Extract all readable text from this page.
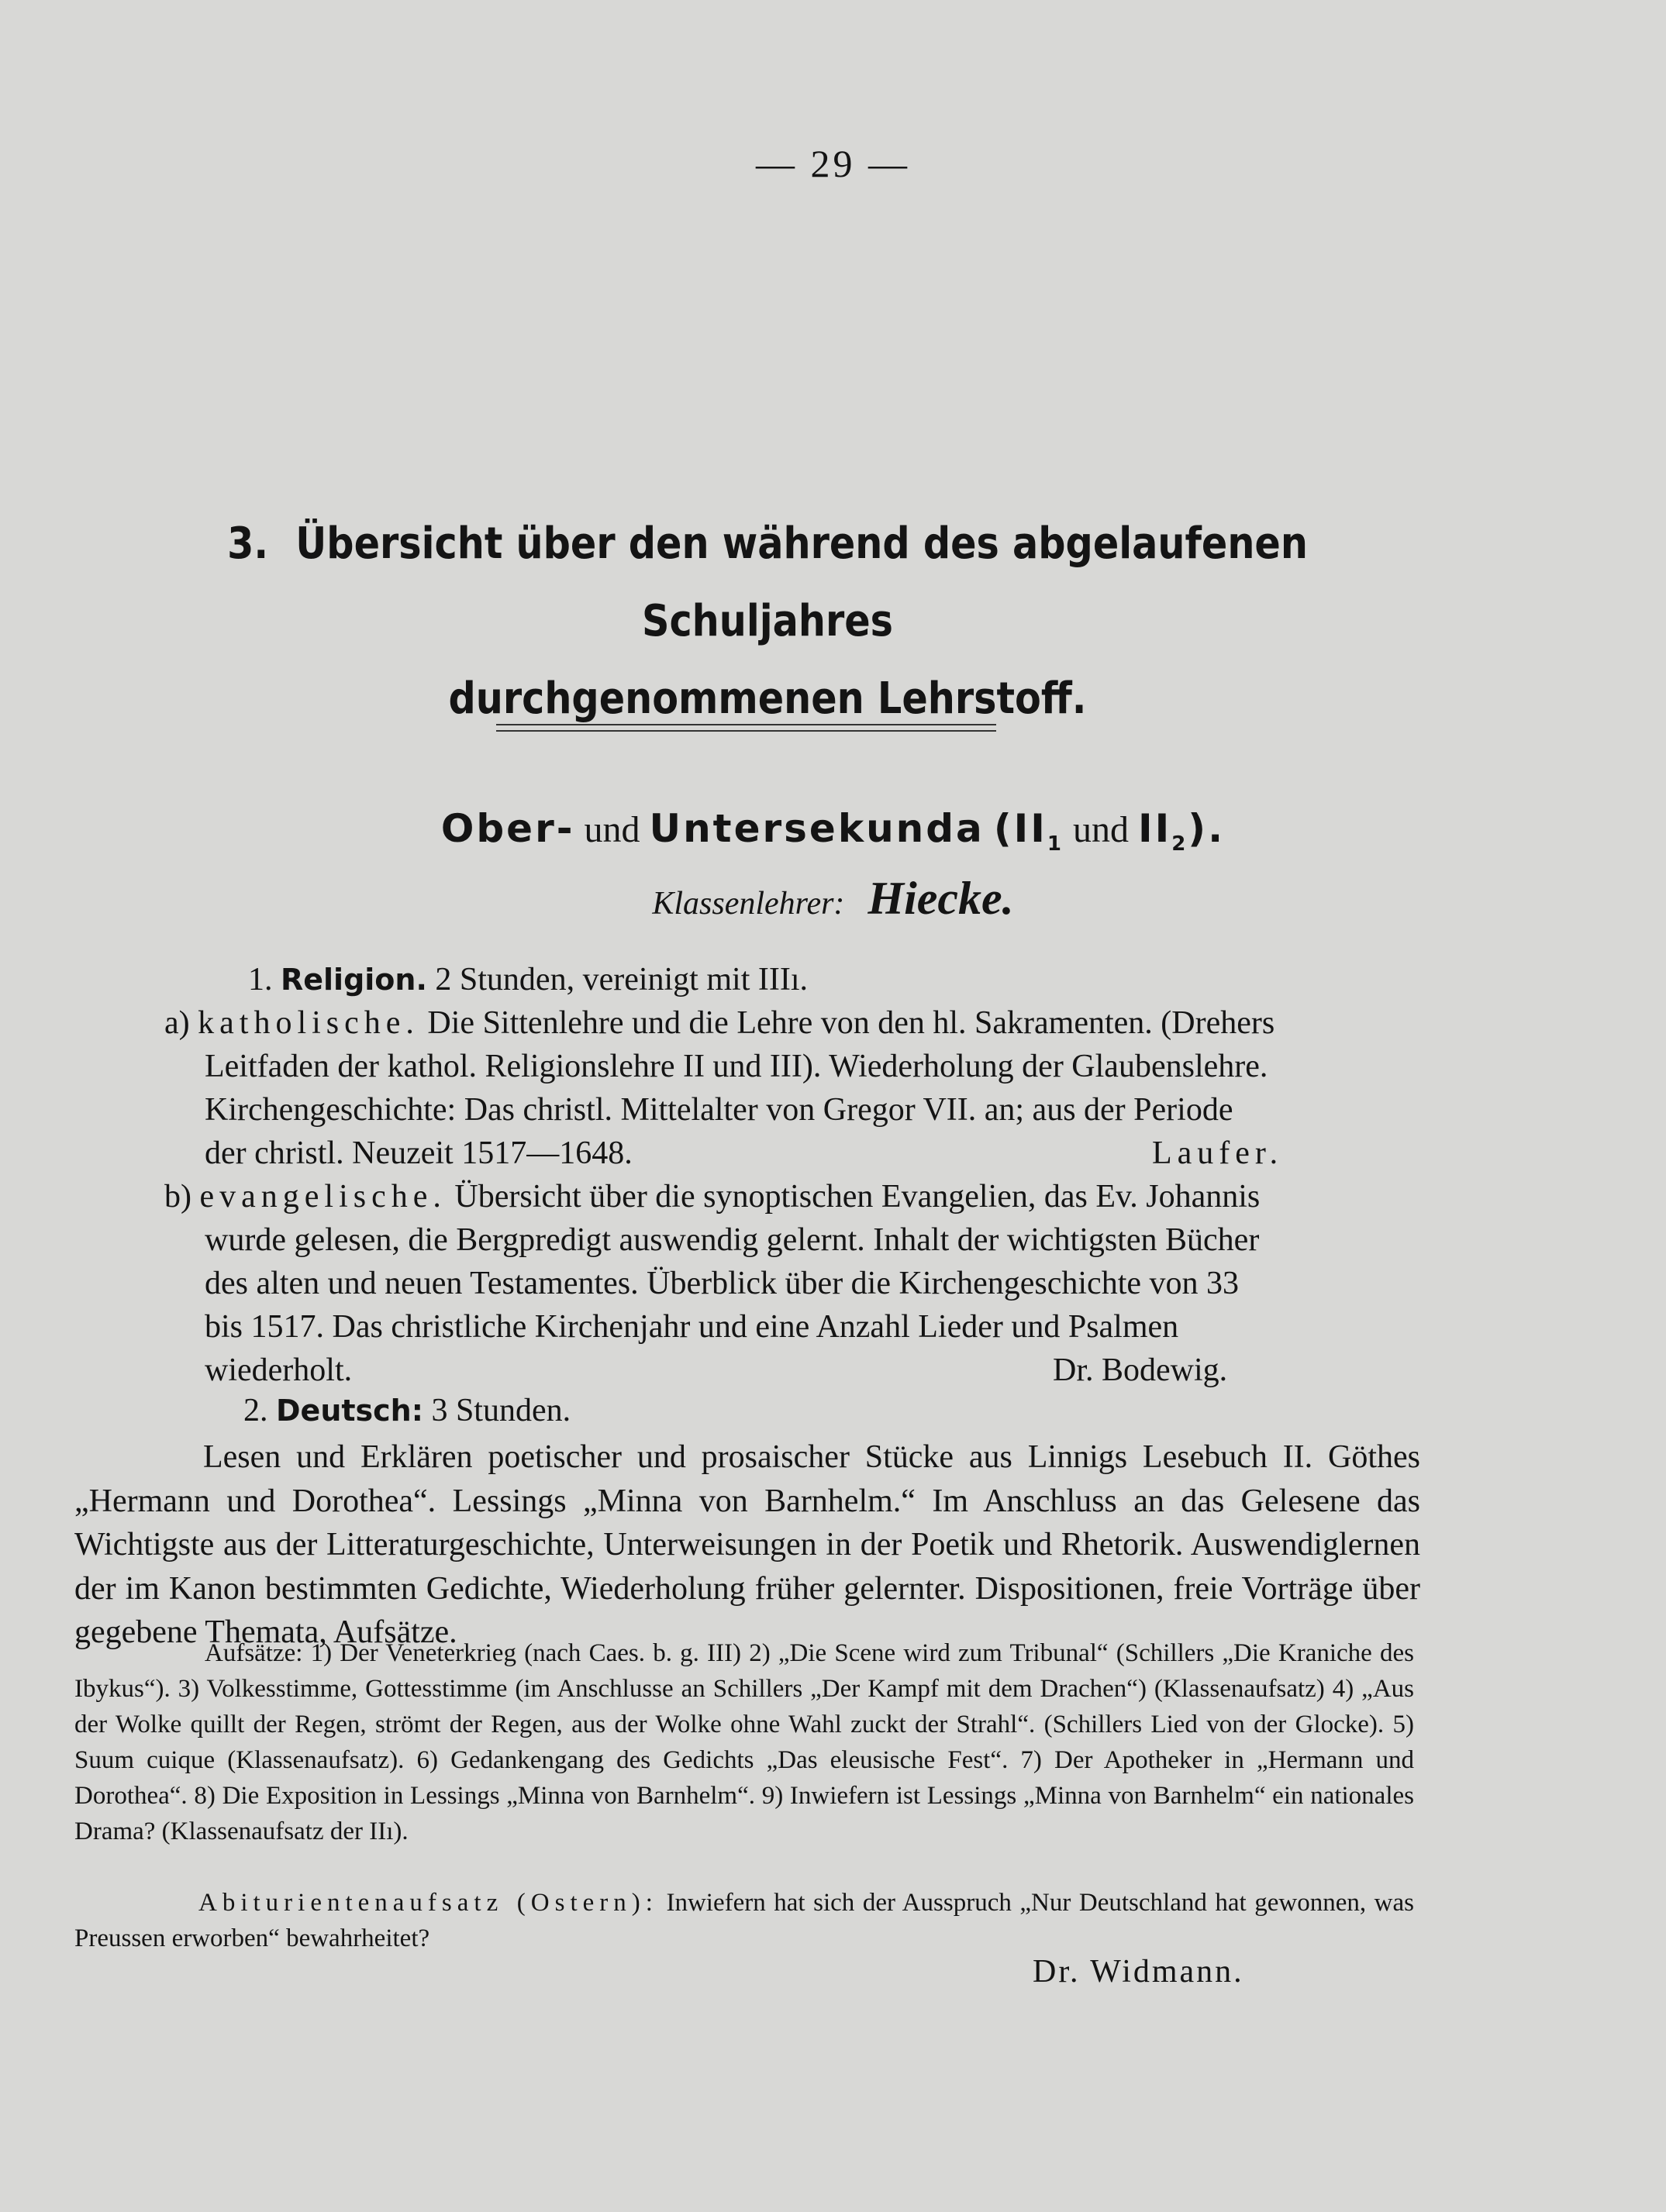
— 29 —
3. Übersicht über den während des abgelaufenen Schuljahres
durchgenommenen Lehrstoff.
Ober- und Untersekunda ($II_1$ und $II_2$).
Klassenlehrer: Hiecke.
1. Religion. 2 Stunden, vereinigt mit IIIı.
a) katholische. Die Sittenlehre und die Lehre von den hl. Sakramenten. (Drehers
Leitfaden der kathol. Religionslehre II und III). Wiederholung der Glaubenslehre.
Kirchengeschichte: Das christl. Mittelalter von Gregor VII. an; aus der Periode
der christl. Neuzeit 1517—1648.	Laufer.
b) evangelische. Übersicht über die synoptischen Evangelien, das Ev. Johannis
wurde gelesen, die Bergpredigt auswendig gelernt. Inhalt der wichtigsten Bücher
des alten und neuen Testamentes. Überblick über die Kirchengeschichte von 33
bis 1517. Das christliche Kirchenjahr und eine Anzahl Lieder und Psalmen
wiederholt.	Dr. Bodewig.
2. Deutsch: 3 Stunden.
Lesen und Erklären poetischer und prosaischer Stücke aus Linnigs Lesebuch II. Göthes „Hermann und Dorothea“. Lessings „Minna von Barnhelm.“ Im Anschluss an das Gelesene das Wichtigste aus der Litteraturgeschichte, Unterweisungen in der Poetik und Rhetorik. Auswendiglernen der im Kanon bestimmten Gedichte, Wiederholung früher gelernter. Dispositionen, freie Vorträge über gegebene Themata, Aufsätze.
Aufsätze: 1) Der Veneterkrieg (nach Caes. b. g. III) 2) „Die Scene wird zum Tribunal“ (Schillers „Die Kraniche des Ibykus“). 3) Volkesstimme, Gottesstimme (im Anschlusse an Schillers „Der Kampf mit dem Drachen“) (Klassenaufsatz) 4) „Aus der Wolke quillt der Regen, strömt der Regen, aus der Wolke ohne Wahl zuckt der Strahl“. (Schillers Lied von der Glocke). 5) Suum cuique (Klassenaufsatz). 6) Gedankengang des Gedichts „Das eleusische Fest“. 7) Der Apotheker in „Hermann und Dorothea“. 8) Die Exposition in Lessings „Minna von Barnhelm“. 9) Inwiefern ist Lessings „Minna von Barnhelm“ ein nationales Drama? (Klassenaufsatz der IIı).
Abiturientenaufsatz (Ostern): Inwiefern hat sich der Ausspruch „Nur Deutschland hat gewonnen, was Preussen erworben“ bewahrheitet?
Dr. Widmann.
